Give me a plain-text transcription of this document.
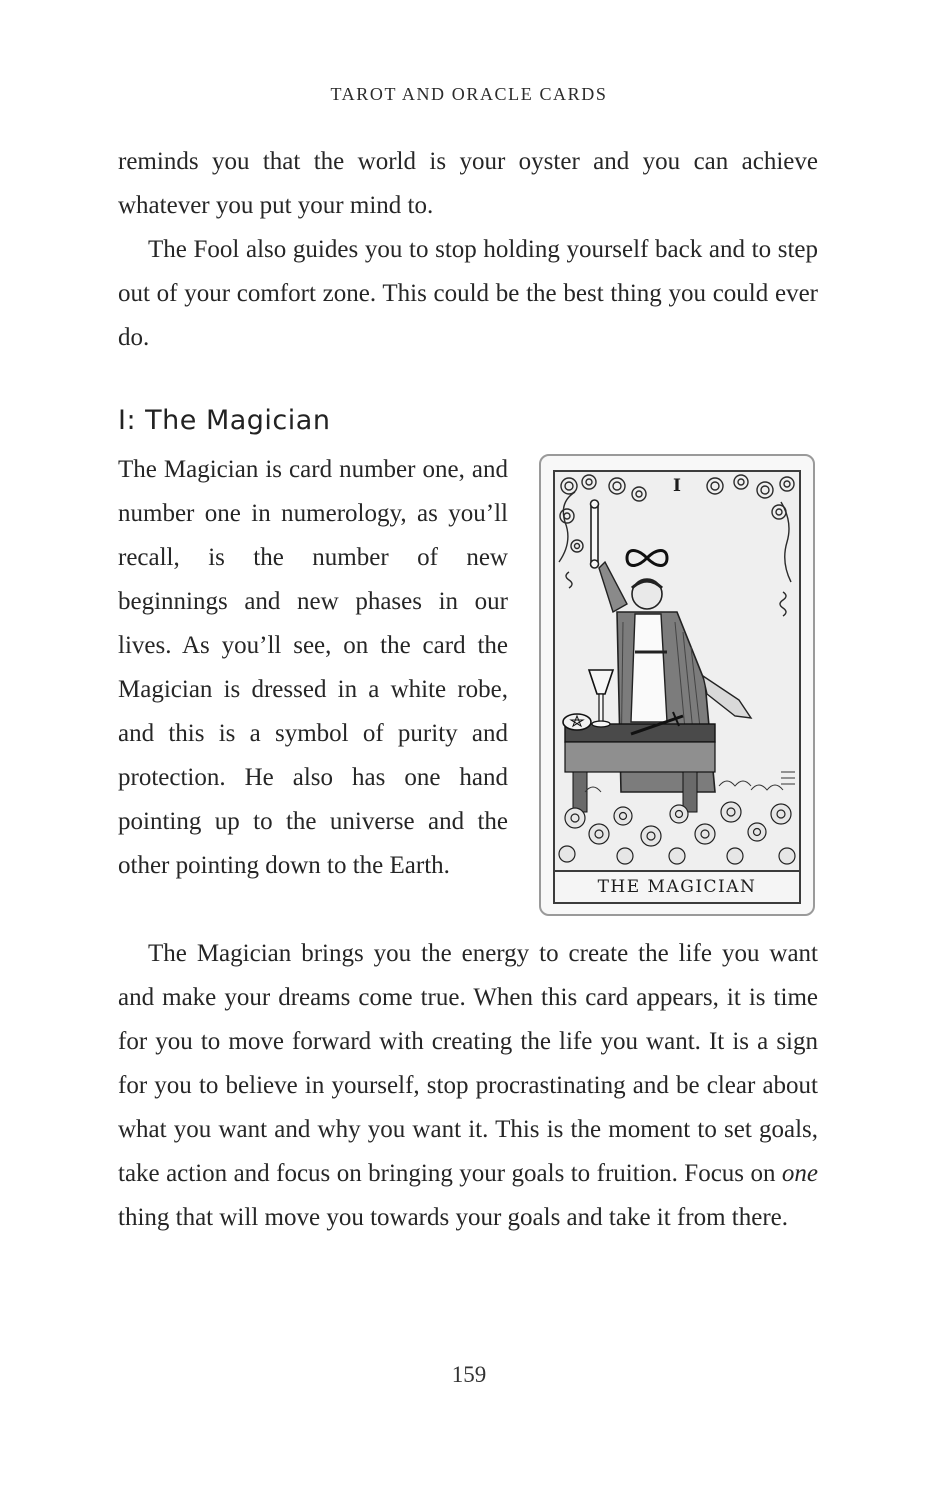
TAROT AND ORACLE CARDS

reminds you that the world is your oyster and you can achieve whatever you put your mind to.

The Fool also guides you to stop holding yourself back and to step out of your comfort zone. This could be the best thing you could ever do.

I: The Magician

The Magician is card number one, and number one in numerology, as you’ll recall, is the number of new beginnings and new phases in our lives. As you’ll see, on the card the Magician is dressed in a white robe, and this is a symbol of purity and protection. He also has one hand pointing up to the universe and the other pointing down to the Earth.

I
THE MAGICIAN

The Magician brings you the energy to create the life you want and make your dreams come true. When this card appears, it is time for you to move forward with creating the life you want. It is a sign for you to believe in yourself, stop procrastinating and be clear about what you want and why you want it. This is the moment to set goals, take action and focus on bringing your goals to fruition. Focus on one thing that will move you towards your goals and take it from there.

159
